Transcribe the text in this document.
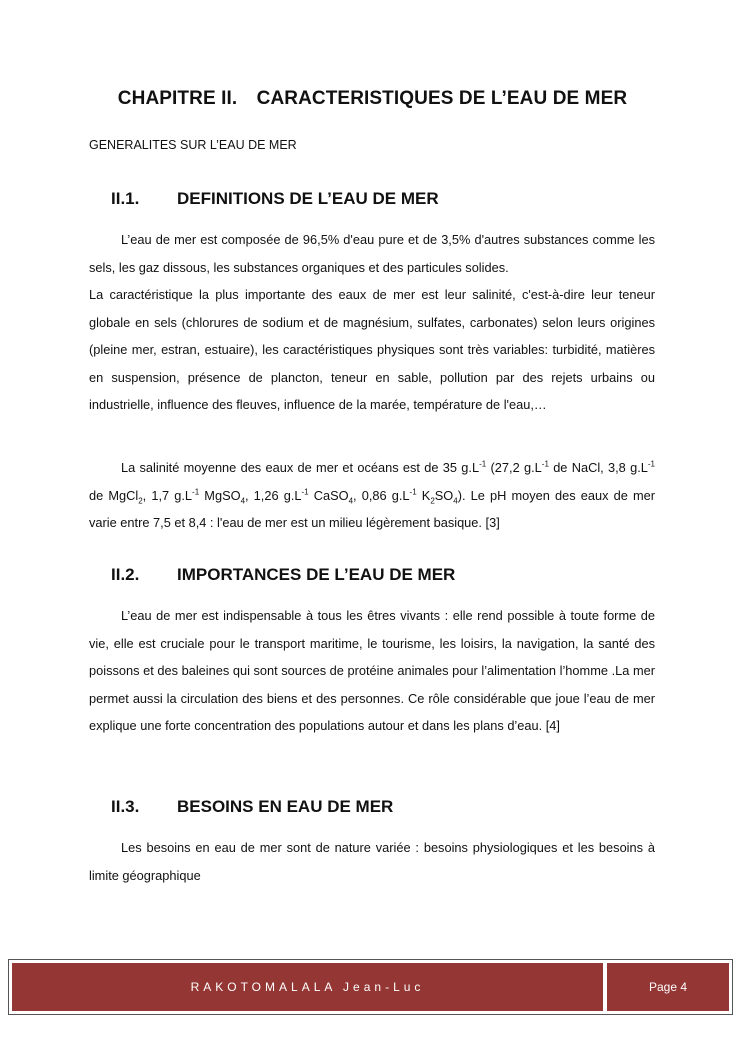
CHAPITRE II. CARACTERISTIQUES DE L’EAU DE MER
GENERALITES SUR L’EAU DE MER
II.1. DEFINITIONS DE L’EAU DE MER

L’eau de mer est composée de 96,5% d'eau pure et de 3,5% d'autres substances comme les sels, les gaz dissous, les substances organiques et des particules solides.

La caractéristique la plus importante des eaux de mer est leur salinité, c'est-à-dire leur teneur globale en sels (chlorures de sodium et de magnésium, sulfates, carbonates) selon leurs origines (pleine mer, estran, estuaire), les caractéristiques physiques sont très variables: turbidité, matières en suspension, présence de plancton, teneur en sable, pollution par des rejets urbains ou industrielle, influence des fleuves, influence de la marée, température de l'eau,…

La salinité moyenne des eaux de mer et océans est de 35 $g.L^{-1}$ (27,2 $g.L^{-1}$ de NaCl, 3,8 $g.L^{-1}$ de MgCl$_2$, 1,7 $g.L^{-1}$ MgSO$_4$, 1,26 $g.L^{-1}$ CaSO$_4$, 0,86 $g.L^{-1}$ $K_2SO_4$). Le pH moyen des eaux de mer varie entre 7,5 et 8,4 : l'eau de mer est un milieu légèrement basique. [3]

II.2. IMPORTANCES DE L’EAU DE MER

L’eau de mer est indispensable à tous les êtres vivants : elle rend possible à toute forme de vie, elle est cruciale pour le transport maritime, le tourisme, les loisirs, la navigation, la santé des poissons et des baleines qui sont sources de protéine animales pour l’alimentation l’homme .La mer permet aussi la circulation des biens et des personnes. Ce rôle considérable que joue l’eau de mer explique une forte concentration des populations autour et dans les plans d’eau. [4]

II.3. BESOINS EN EAU DE MER

Les besoins en eau de mer sont de nature variée : besoins physiologiques et les besoins à limite géographique

RAKOTOMALALA Jean-Luc	Page 4
